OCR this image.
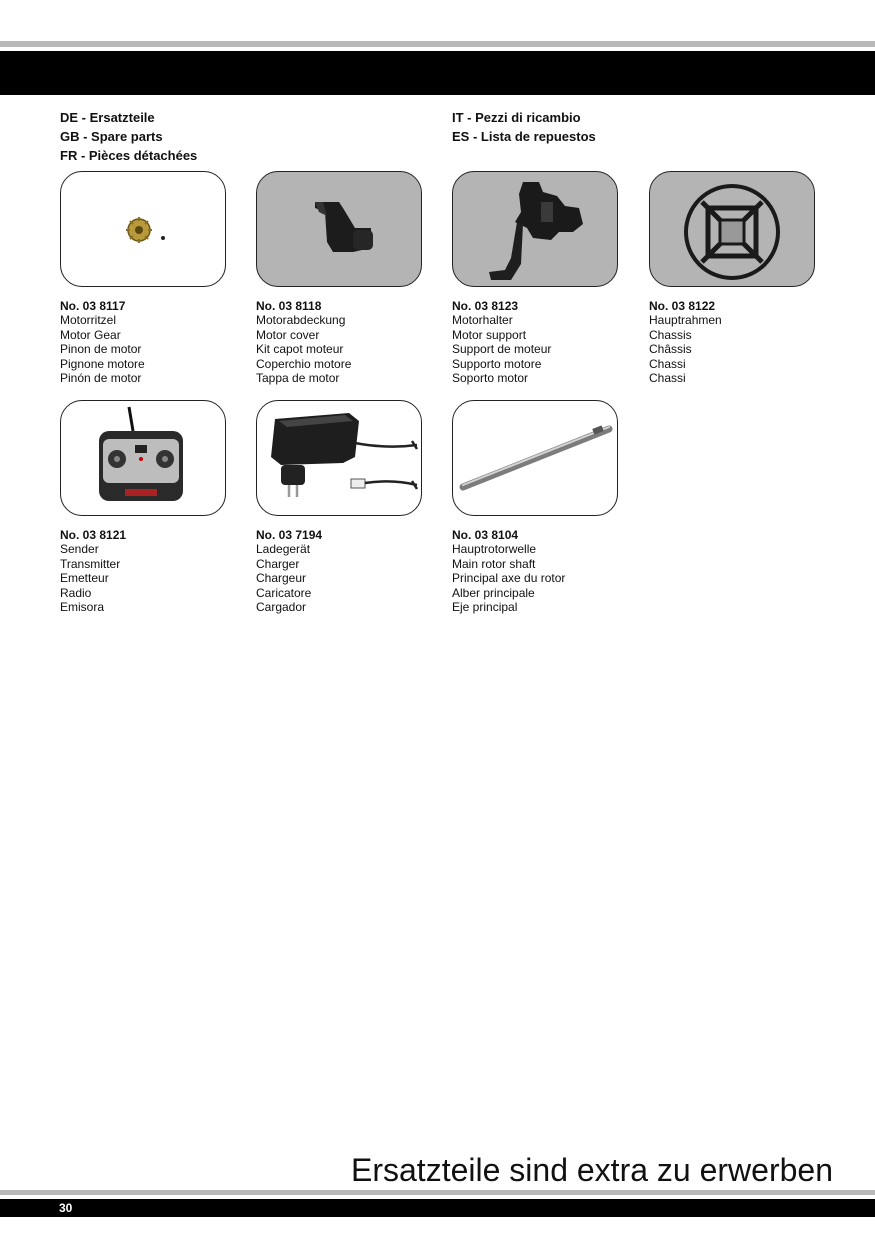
DE - Ersatzteile
GB - Spare parts
FR - Pièces détachées
IT - Pezzi di ricambio
ES - Lista de repuestos
No. 03 8117
Motorritzel
Motor Gear
Pinon de motor
Pignone motore
Pinón de motor
No. 03 8118
Motorabdeckung
Motor cover
Kit capot moteur
Coperchio motore
Tappa de motor
No. 03 8123
Motorhalter
Motor support
Support de moteur
Supporto motore
Soporto motor
No. 03 8122
Hauptrahmen
Chassis
Châssis
Chassi
Chassi
No. 03 8121
Sender
Transmitter
Emetteur
Radio
Emisora
No. 03 7194
Ladegerät
Charger
Chargeur
Caricatore
Cargador
No. 03 8104
Hauptrotorwelle
Main rotor shaft
Principal axe du rotor
Alber principale
Eje principal
Ersatzteile sind extra zu erwerben
30
